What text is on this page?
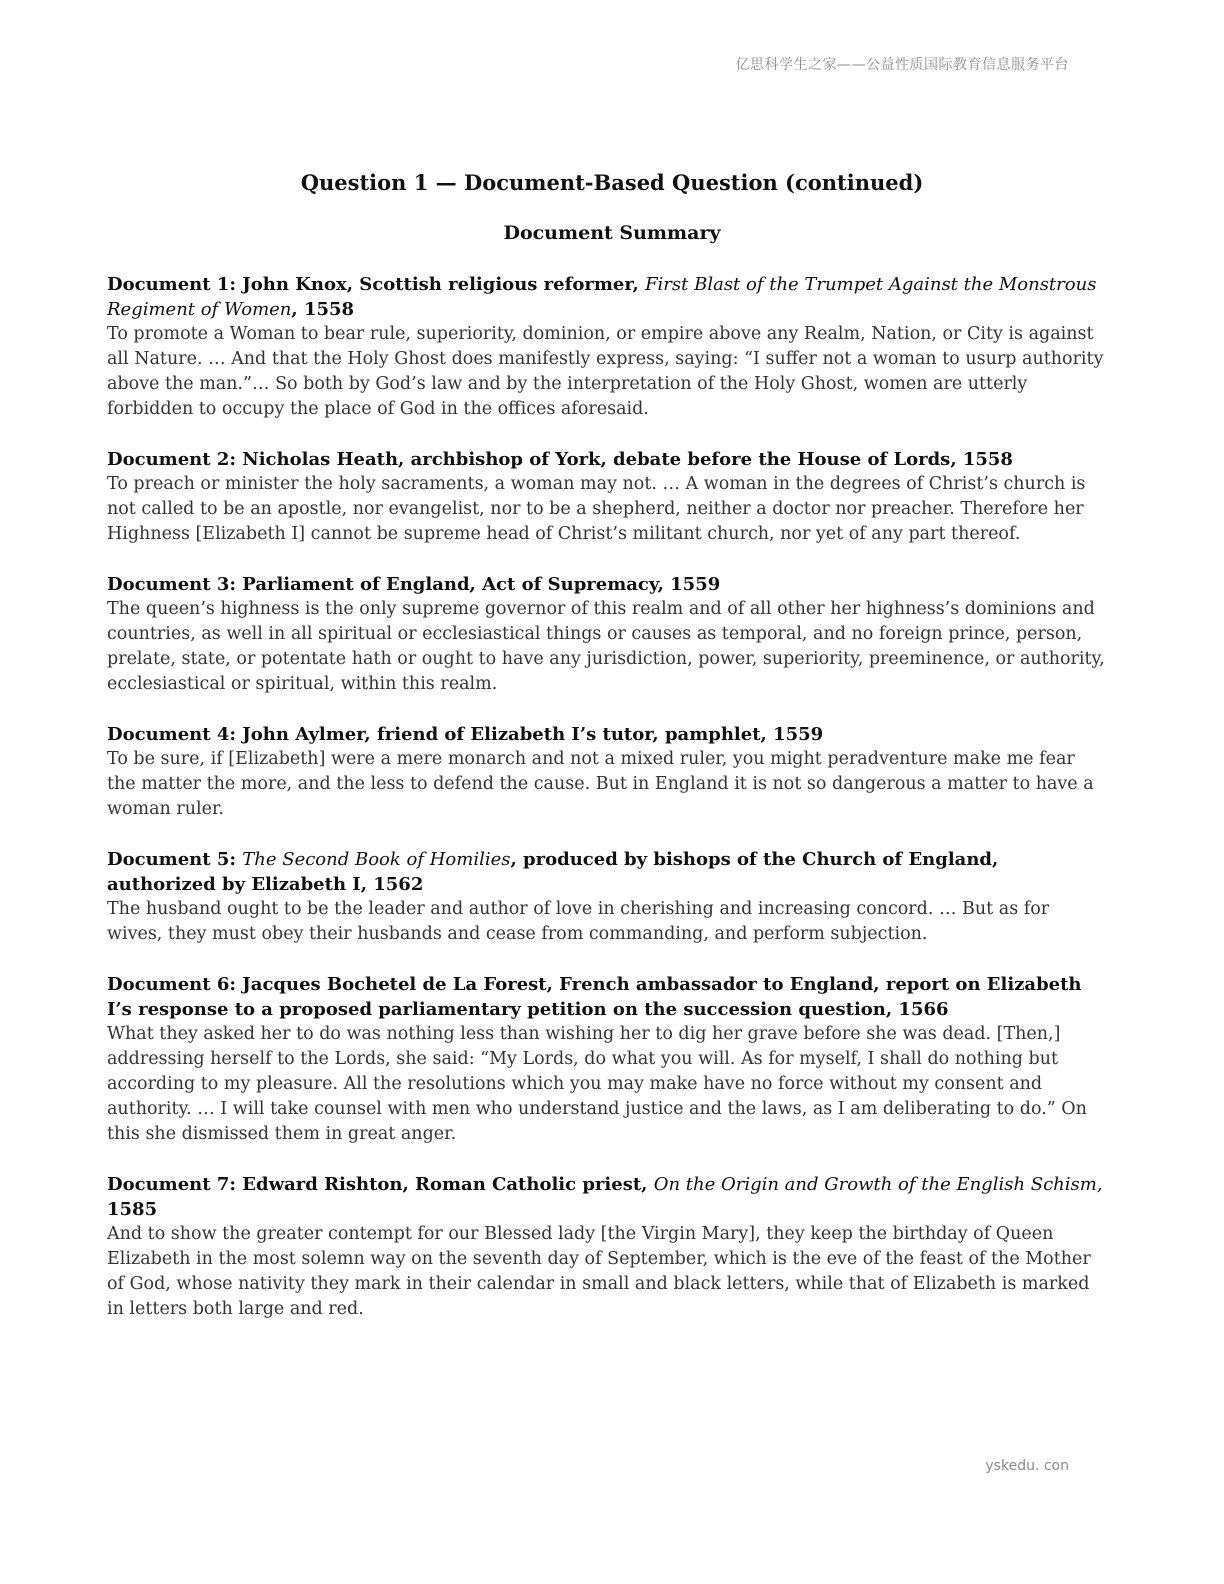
亿思科学生之家——公益性质国际教育信息服务平台
Question 1 — Document-Based Question (continued)
Document Summary

Document 1: John Knox, Scottish religious reformer, First Blast of the Trumpet Against the Monstrous Regiment of Women, 1558

To promote a Woman to bear rule, superiority, dominion, or empire above any Realm, Nation, or City is against all Nature. … And that the Holy Ghost does manifestly express, saying: “I suffer not a woman to usurp authority above the man.”… So both by God’s law and by the interpretation of the Holy Ghost, women are utterly forbidden to occupy the place of God in the offices aforesaid.

Document 2: Nicholas Heath, archbishop of York, debate before the House of Lords, 1558

To preach or minister the holy sacraments, a woman may not. … A woman in the degrees of Christ’s church is not called to be an apostle, nor evangelist, nor to be a shepherd, neither a doctor nor preacher. Therefore her Highness [Elizabeth I] cannot be supreme head of Christ’s militant church, nor yet of any part thereof.

Document 3: Parliament of England, Act of Supremacy, 1559

The queen’s highness is the only supreme governor of this realm and of all other her highness’s dominions and countries, as well in all spiritual or ecclesiastical things or causes as temporal, and no foreign prince, person, prelate, state, or potentate hath or ought to have any jurisdiction, power, superiority, preeminence, or authority, ecclesiastical or spiritual, within this realm.

Document 4: John Aylmer, friend of Elizabeth I’s tutor, pamphlet, 1559

To be sure, if [Elizabeth] were a mere monarch and not a mixed ruler, you might peradventure make me fear the matter the more, and the less to defend the cause. But in England it is not so dangerous a matter to have a woman ruler.

Document 5: The Second Book of Homilies, produced by bishops of the Church of England, authorized by Elizabeth I, 1562

The husband ought to be the leader and author of love in cherishing and increasing concord. … But as for wives, they must obey their husbands and cease from commanding, and perform subjection.

Document 6: Jacques Bochetel de La Forest, French ambassador to England, report on Elizabeth I’s response to a proposed parliamentary petition on the succession question, 1566

What they asked her to do was nothing less than wishing her to dig her grave before she was dead. [Then,] addressing herself to the Lords, she said: “My Lords, do what you will. As for myself, I shall do nothing but according to my pleasure. All the resolutions which you may make have no force without my consent and authority. … I will take counsel with men who understand justice and the laws, as I am deliberating to do.” On this she dismissed them in great anger.

Document 7: Edward Rishton, Roman Catholic priest, On the Origin and Growth of the English Schism, 1585

And to show the greater contempt for our Blessed lady [the Virgin Mary], they keep the birthday of Queen Elizabeth in the most solemn way on the seventh day of September, which is the eve of the feast of the Mother of God, whose nativity they mark in their calendar in small and black letters, while that of Elizabeth is marked in letters both large and red.

yskedu. con
